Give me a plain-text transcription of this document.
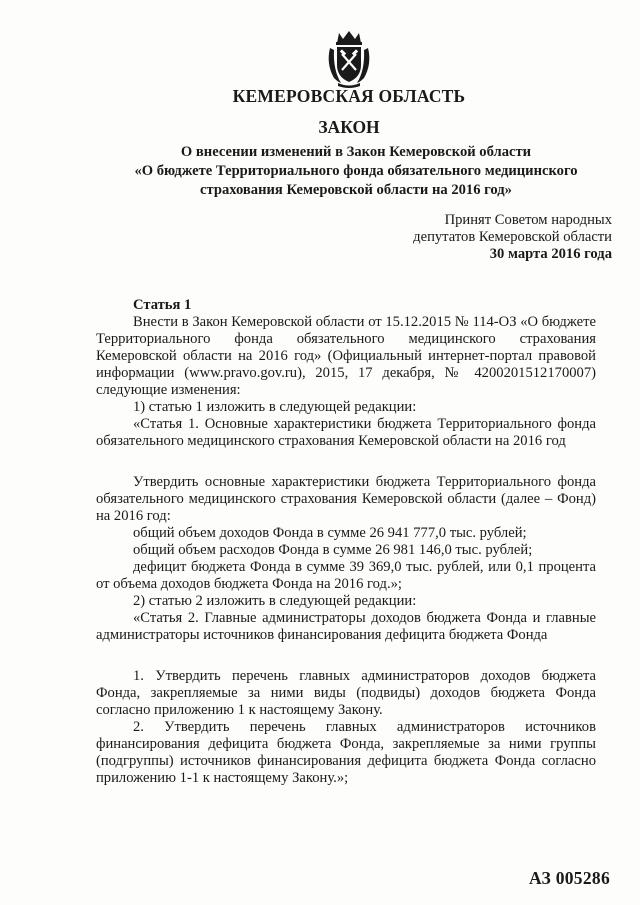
КЕМЕРОВСКАЯ ОБЛАСТЬ
ЗАКОН
О внесении изменений в Закон Кемеровской области
«О бюджете Территориального фонда обязательного медицинского
страхования Кемеровской области на 2016 год»
Принят Советом народных
депутатов Кемеровской области
30 марта 2016 года

Статья 1

Внести в Закон Кемеровской области от 15.12.2015 № 114-ОЗ «О бюджете Территориального фонда обязательного медицинского страхования Кемеровской области на 2016 год» (Официальный интернет-портал правовой информации (www.pravo.gov.ru), 2015, 17 декабря, № 4200201512170007) следующие изменения:

1) статью 1 изложить в следующей редакции:

«Статья 1. Основные характеристики бюджета Территориального фонда обязательного медицинского страхования Кемеровской области на 2016 год

Утвердить основные характеристики бюджета Территориального фонда обязательного медицинского страхования Кемеровской области (далее – Фонд) на 2016 год:

общий объем доходов Фонда в сумме 26 941 777,0 тыс. рублей;

общий объем расходов Фонда в сумме 26 981 146,0 тыс. рублей;

дефицит бюджета Фонда в сумме 39 369,0 тыс. рублей, или 0,1 процента от объема доходов бюджета Фонда на 2016 год.»;

2) статью 2 изложить в следующей редакции:

«Статья 2. Главные администраторы доходов бюджета Фонда и главные администраторы источников финансирования дефицита бюджета Фонда

1. Утвердить перечень главных администраторов доходов бюджета Фонда, закрепляемые за ними виды (подвиды) доходов бюджета Фонда согласно приложению 1 к настоящему Закону.

2. Утвердить перечень главных администраторов источников финансирования дефицита бюджета Фонда, закрепляемые за ними группы (подгруппы) источников финансирования дефицита бюджета Фонда согласно приложению 1-1 к настоящему Закону.»;

АЗ 005286
